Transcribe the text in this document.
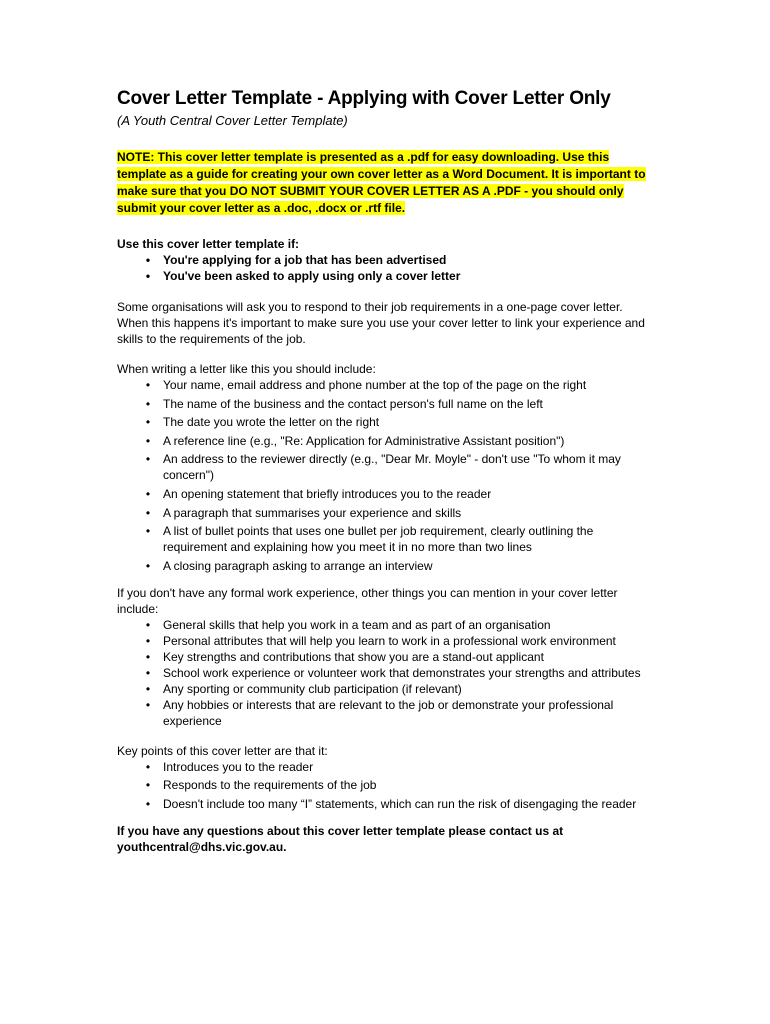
Cover Letter Template - Applying with Cover Letter Only

(A Youth Central Cover Letter Template)

NOTE: This cover letter template is presented as a .pdf for easy downloading. Use this template as a guide for creating your own cover letter as a Word Document. It is important to make sure that you DO NOT SUBMIT YOUR COVER LETTER AS A .PDF - you should only submit your cover letter as a .doc, .docx or .rtf file.

Use this cover letter template if:

• You're applying for a job that has been advertised
• You've been asked to apply using only a cover letter

Some organisations will ask you to respond to their job requirements in a one-page cover letter. When this happens it's important to make sure you use your cover letter to link your experience and skills to the requirements of the job.

When writing a letter like this you should include:

• Your name, email address and phone number at the top of the page on the right
• The name of the business and the contact person's full name on the left
• The date you wrote the letter on the right
• A reference line (e.g., "Re: Application for Administrative Assistant position")
• An address to the reviewer directly (e.g., "Dear Mr. Moyle" - don't use "To whom it may concern")
• An opening statement that briefly introduces you to the reader
• A paragraph that summarises your experience and skills
• A list of bullet points that uses one bullet per job requirement, clearly outlining the requirement and explaining how you meet it in no more than two lines
• A closing paragraph asking to arrange an interview

If you don't have any formal work experience, other things you can mention in your cover letter include:

• General skills that help you work in a team and as part of an organisation
• Personal attributes that will help you learn to work in a professional work environment
• Key strengths and contributions that show you are a stand-out applicant
• School work experience or volunteer work that demonstrates your strengths and attributes
• Any sporting or community club participation (if relevant)
• Any hobbies or interests that are relevant to the job or demonstrate your professional experience

Key points of this cover letter are that it:

• Introduces you to the reader
• Responds to the requirements of the job
• Doesn't include too many “I” statements, which can run the risk of disengaging the reader

If you have any questions about this cover letter template please contact us at youthcentral@dhs.vic.gov.au.
